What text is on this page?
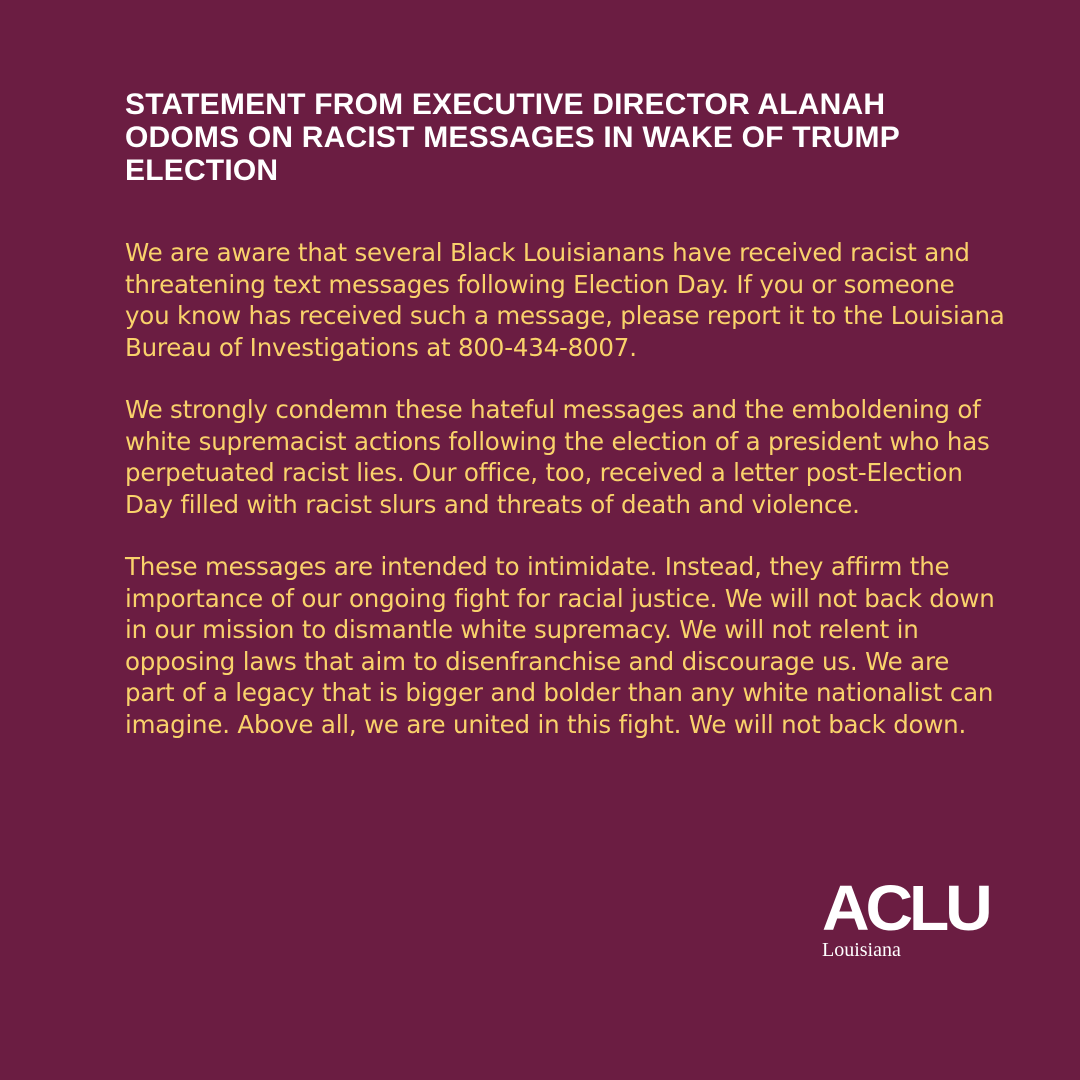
STATEMENT FROM EXECUTIVE DIRECTOR ALANAH ODOMS ON RACIST MESSAGES IN WAKE OF TRUMP ELECTION

We are aware that several Black Louisianans have received racist and threatening text messages following Election Day. If you or someone you know has received such a message, please report it to the Louisiana Bureau of Investigations at 800-434-8007.

We strongly condemn these hateful messages and the emboldening of white supremacist actions following the election of a president who has perpetuated racist lies. Our office, too, received a letter post-Election Day filled with racist slurs and threats of death and violence.

These messages are intended to intimidate. Instead, they affirm the importance of our ongoing fight for racial justice. We will not back down in our mission to dismantle white supremacy. We will not relent in opposing laws that aim to disenfranchise and discourage us. We are part of a legacy that is bigger and bolder than any white nationalist can imagine. Above all, we are united in this fight. We will not back down.

ACLU
Louisiana
